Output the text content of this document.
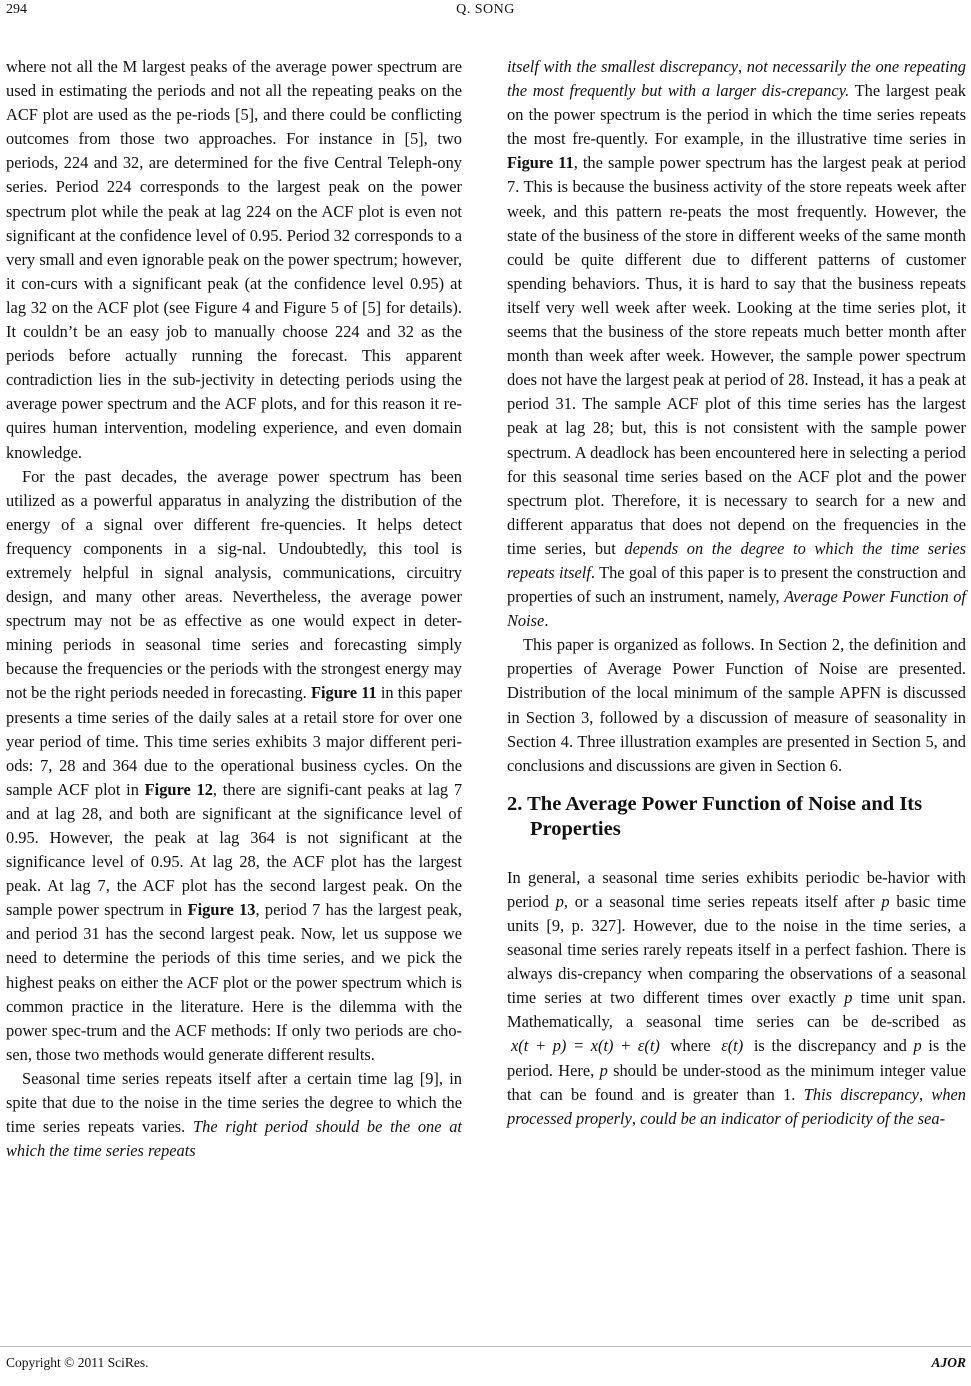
294	Q. SONG

where not all the M largest peaks of the average power spectrum are used in estimating the periods and not all the repeating peaks on the ACF plot are used as the pe-riods [5], and there could be conflicting outcomes from those two approaches. For instance in [5], two periods, 224 and 32, are determined for the five Central Teleph-ony series. Period 224 corresponds to the largest peak on the power spectrum plot while the peak at lag 224 on the ACF plot is even not significant at the confidence level of 0.95. Period 32 corresponds to a very small and even ignorable peak on the power spectrum; however, it con-curs with a significant peak (at the confidence level 0.95) at lag 32 on the ACF plot (see Figure 4 and Figure 5 of [5] for details). It couldn’t be an easy job to manually choose 224 and 32 as the periods before actually running the forecast. This apparent contradiction lies in the sub-jectivity in detecting periods using the average power spectrum and the ACF plots, and for this reason it re-quires human intervention, modeling experience, and even domain knowledge.

For the past decades, the average power spectrum has been utilized as a powerful apparatus in analyzing the distribution of the energy of a signal over different fre-quencies. It helps detect frequency components in a sig-nal. Undoubtedly, this tool is extremely helpful in signal analysis, communications, circuitry design, and many other areas. Nevertheless, the average power spectrum may not be as effective as one would expect in deter-mining periods in seasonal time series and forecasting simply because the frequencies or the periods with the strongest energy may not be the right periods needed in forecasting. Figure 11 in this paper presents a time series of the daily sales at a retail store for over one year period of time. This time series exhibits 3 major different peri-ods: 7, 28 and 364 due to the operational business cycles. On the sample ACF plot in Figure 12, there are signifi-cant peaks at lag 7 and at lag 28, and both are significant at the significance level of 0.95. However, the peak at lag 364 is not significant at the significance level of 0.95. At lag 28, the ACF plot has the largest peak. At lag 7, the ACF plot has the second largest peak. On the sample power spectrum in Figure 13, period 7 has the largest peak, and period 31 has the second largest peak. Now, let us suppose we need to determine the periods of this time series, and we pick the highest peaks on either the ACF plot or the power spectrum which is common practice in the literature. Here is the dilemma with the power spec-trum and the ACF methods: If only two periods are cho-sen, those two methods would generate different results.

Seasonal time series repeats itself after a certain time lag [9], in spite that due to the noise in the time series the degree to which the time series repeats varies. The right period should be the one at which the time series repeats

itself with the smallest discrepancy, not necessarily the one repeating the most frequently but with a larger dis-crepancy. The largest peak on the power spectrum is the period in which the time series repeats the most fre-quently. For example, in the illustrative time series in Figure 11, the sample power spectrum has the largest peak at period 7. This is because the business activity of the store repeats week after week, and this pattern re-peats the most frequently. However, the state of the business of the store in different weeks of the same month could be quite different due to different patterns of customer spending behaviors. Thus, it is hard to say that the business repeats itself very well week after week. Looking at the time series plot, it seems that the business of the store repeats much better month after month than week after week. However, the sample power spectrum does not have the largest peak at period of 28. Instead, it has a peak at period 31. The sample ACF plot of this time series has the largest peak at lag 28; but, this is not consistent with the sample power spectrum. A deadlock has been encountered here in selecting a period for this seasonal time series based on the ACF plot and the power spectrum plot. Therefore, it is necessary to search for a new and different apparatus that does not depend on the frequencies in the time series, but depends on the degree to which the time series repeats itself. The goal of this paper is to present the construction and properties of such an instrument, namely, Average Power Function of Noise.

This paper is organized as follows. In Section 2, the definition and properties of Average Power Function of Noise are presented. Distribution of the local minimum of the sample APFN is discussed in Section 3, followed by a discussion of measure of seasonality in Section 4. Three illustration examples are presented in Section 5, and conclusions and discussions are given in Section 6.

2. The Average Power Function of Noise and Its Properties

In general, a seasonal time series exhibits periodic be-havior with period p, or a seasonal time series repeats itself after p basic time units [9, p. 327]. However, due to the noise in the time series, a seasonal time series rarely repeats itself in a perfect fashion. There is always dis-crepancy when comparing the observations of a seasonal time series at two different times over exactly p time unit span. Mathematically, a seasonal time series can be de-scribed as x(t + p) = x(t) + ε(t) where ε(t) is the discrepancy and p is the period. Here, p should be under-stood as the minimum integer value that can be found and is greater than 1. This discrepancy, when processed properly, could be an indicator of periodicity of the sea-

Copyright © 2011 SciRes.	AJOR
